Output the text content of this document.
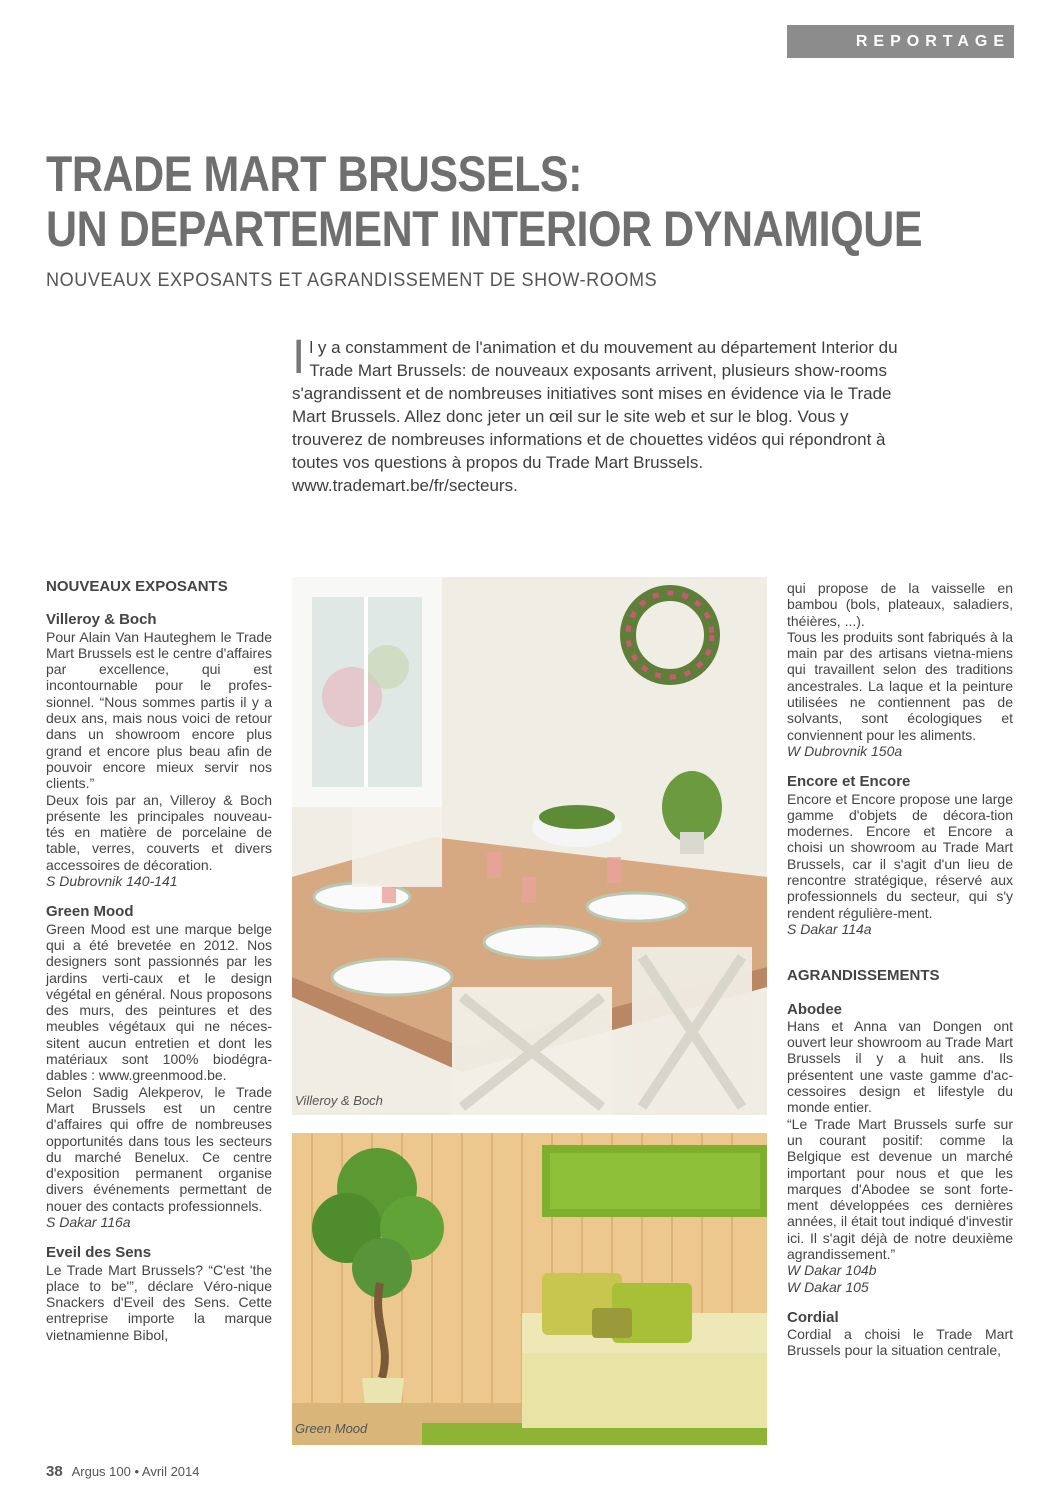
REPORTAGE
TRADE MART BRUSSELS:
UN DEPARTEMENT INTERIOR DYNAMIQUE
NOUVEAUX EXPOSANTS ET AGRANDISSEMENT DE SHOW-ROOMS
I l y a constamment de l'animation et du mouvement au département Interior du Trade Mart Brussels: de nouveaux exposants arrivent, plusieurs show-rooms s'agrandissent et de nombreuses initiatives sont mises en évidence via le Trade Mart Brussels. Allez donc jeter un œil sur le site web et sur le blog. Vous y trouverez de nombreuses informations et de chouettes vidéos qui répondront à toutes vos questions à propos du Trade Mart Brussels. www.trademart.be/fr/secteurs.

NOUVEAUX EXPOSANTS

Villeroy & Boch

Pour Alain Van Hauteghem le Trade Mart Brussels est le centre d'affaires par excellence, qui est incontournable pour le profes-sionnel. “Nous sommes partis il y a deux ans, mais nous voici de retour dans un showroom encore plus grand et encore plus beau afin de pouvoir encore mieux servir nos clients.”

Deux fois par an, Villeroy & Boch présente les principales nouveau-tés en matière de porcelaine de table, verres, couverts et divers accessoires de décoration.

S Dubrovnik 140-141

Green Mood

Green Mood est une marque belge qui a été brevetée en 2012. Nos designers sont passionnés par les jardins verti-caux et le design végétal en général. Nous proposons des murs, des peintures et des meubles végétaux qui ne néces-sitent aucun entretien et dont les matériaux sont 100% biodégra-dables : www.greenmood.be.

Selon Sadig Alekperov, le Trade Mart Brussels est un centre d'affaires qui offre de nombreuses opportunités dans tous les secteurs du marché Benelux. Ce centre d'exposition permanent organise divers événements permettant de nouer des contacts professionnels.

S Dakar 116a

Eveil des Sens

Le Trade Mart Brussels? “C'est 'the place to be'”, déclare Véro-nique Snackers d'Eveil des Sens. Cette entreprise importe la marque vietnamienne Bibol,

Villeroy & Boch
Green Mood

qui propose de la vaisselle en bambou (bols, plateaux, saladiers, théières, ...).

Tous les produits sont fabriqués à la main par des artisans vietna-miens qui travaillent selon des traditions ancestrales. La laque et la peinture utilisées ne contiennent pas de solvants, sont écologiques et conviennent pour les aliments.

W Dubrovnik 150a

Encore et Encore

Encore et Encore propose une large gamme d'objets de décora-tion modernes. Encore et Encore a choisi un showroom au Trade Mart Brussels, car il s'agit d'un lieu de rencontre stratégique, réservé aux professionnels du secteur, qui s'y rendent régulière-ment.

S Dakar 114a

AGRANDISSEMENTS

Abodee

Hans et Anna van Dongen ont ouvert leur showroom au Trade Mart Brussels il y a huit ans. Ils présentent une vaste gamme d'ac-cessoires design et lifestyle du monde entier.

“Le Trade Mart Brussels surfe sur un courant positif: comme la Belgique est devenue un marché important pour nous et que les marques d'Abodee se sont forte-ment développées ces dernières années, il était tout indiqué d'investir ici. Il s'agit déjà de notre deuxième agrandissement.”

W Dakar 104b

W Dakar 105

Cordial

Cordial a choisi le Trade Mart Brussels pour la situation centrale,

38 Argus 100 • Avril 2014
